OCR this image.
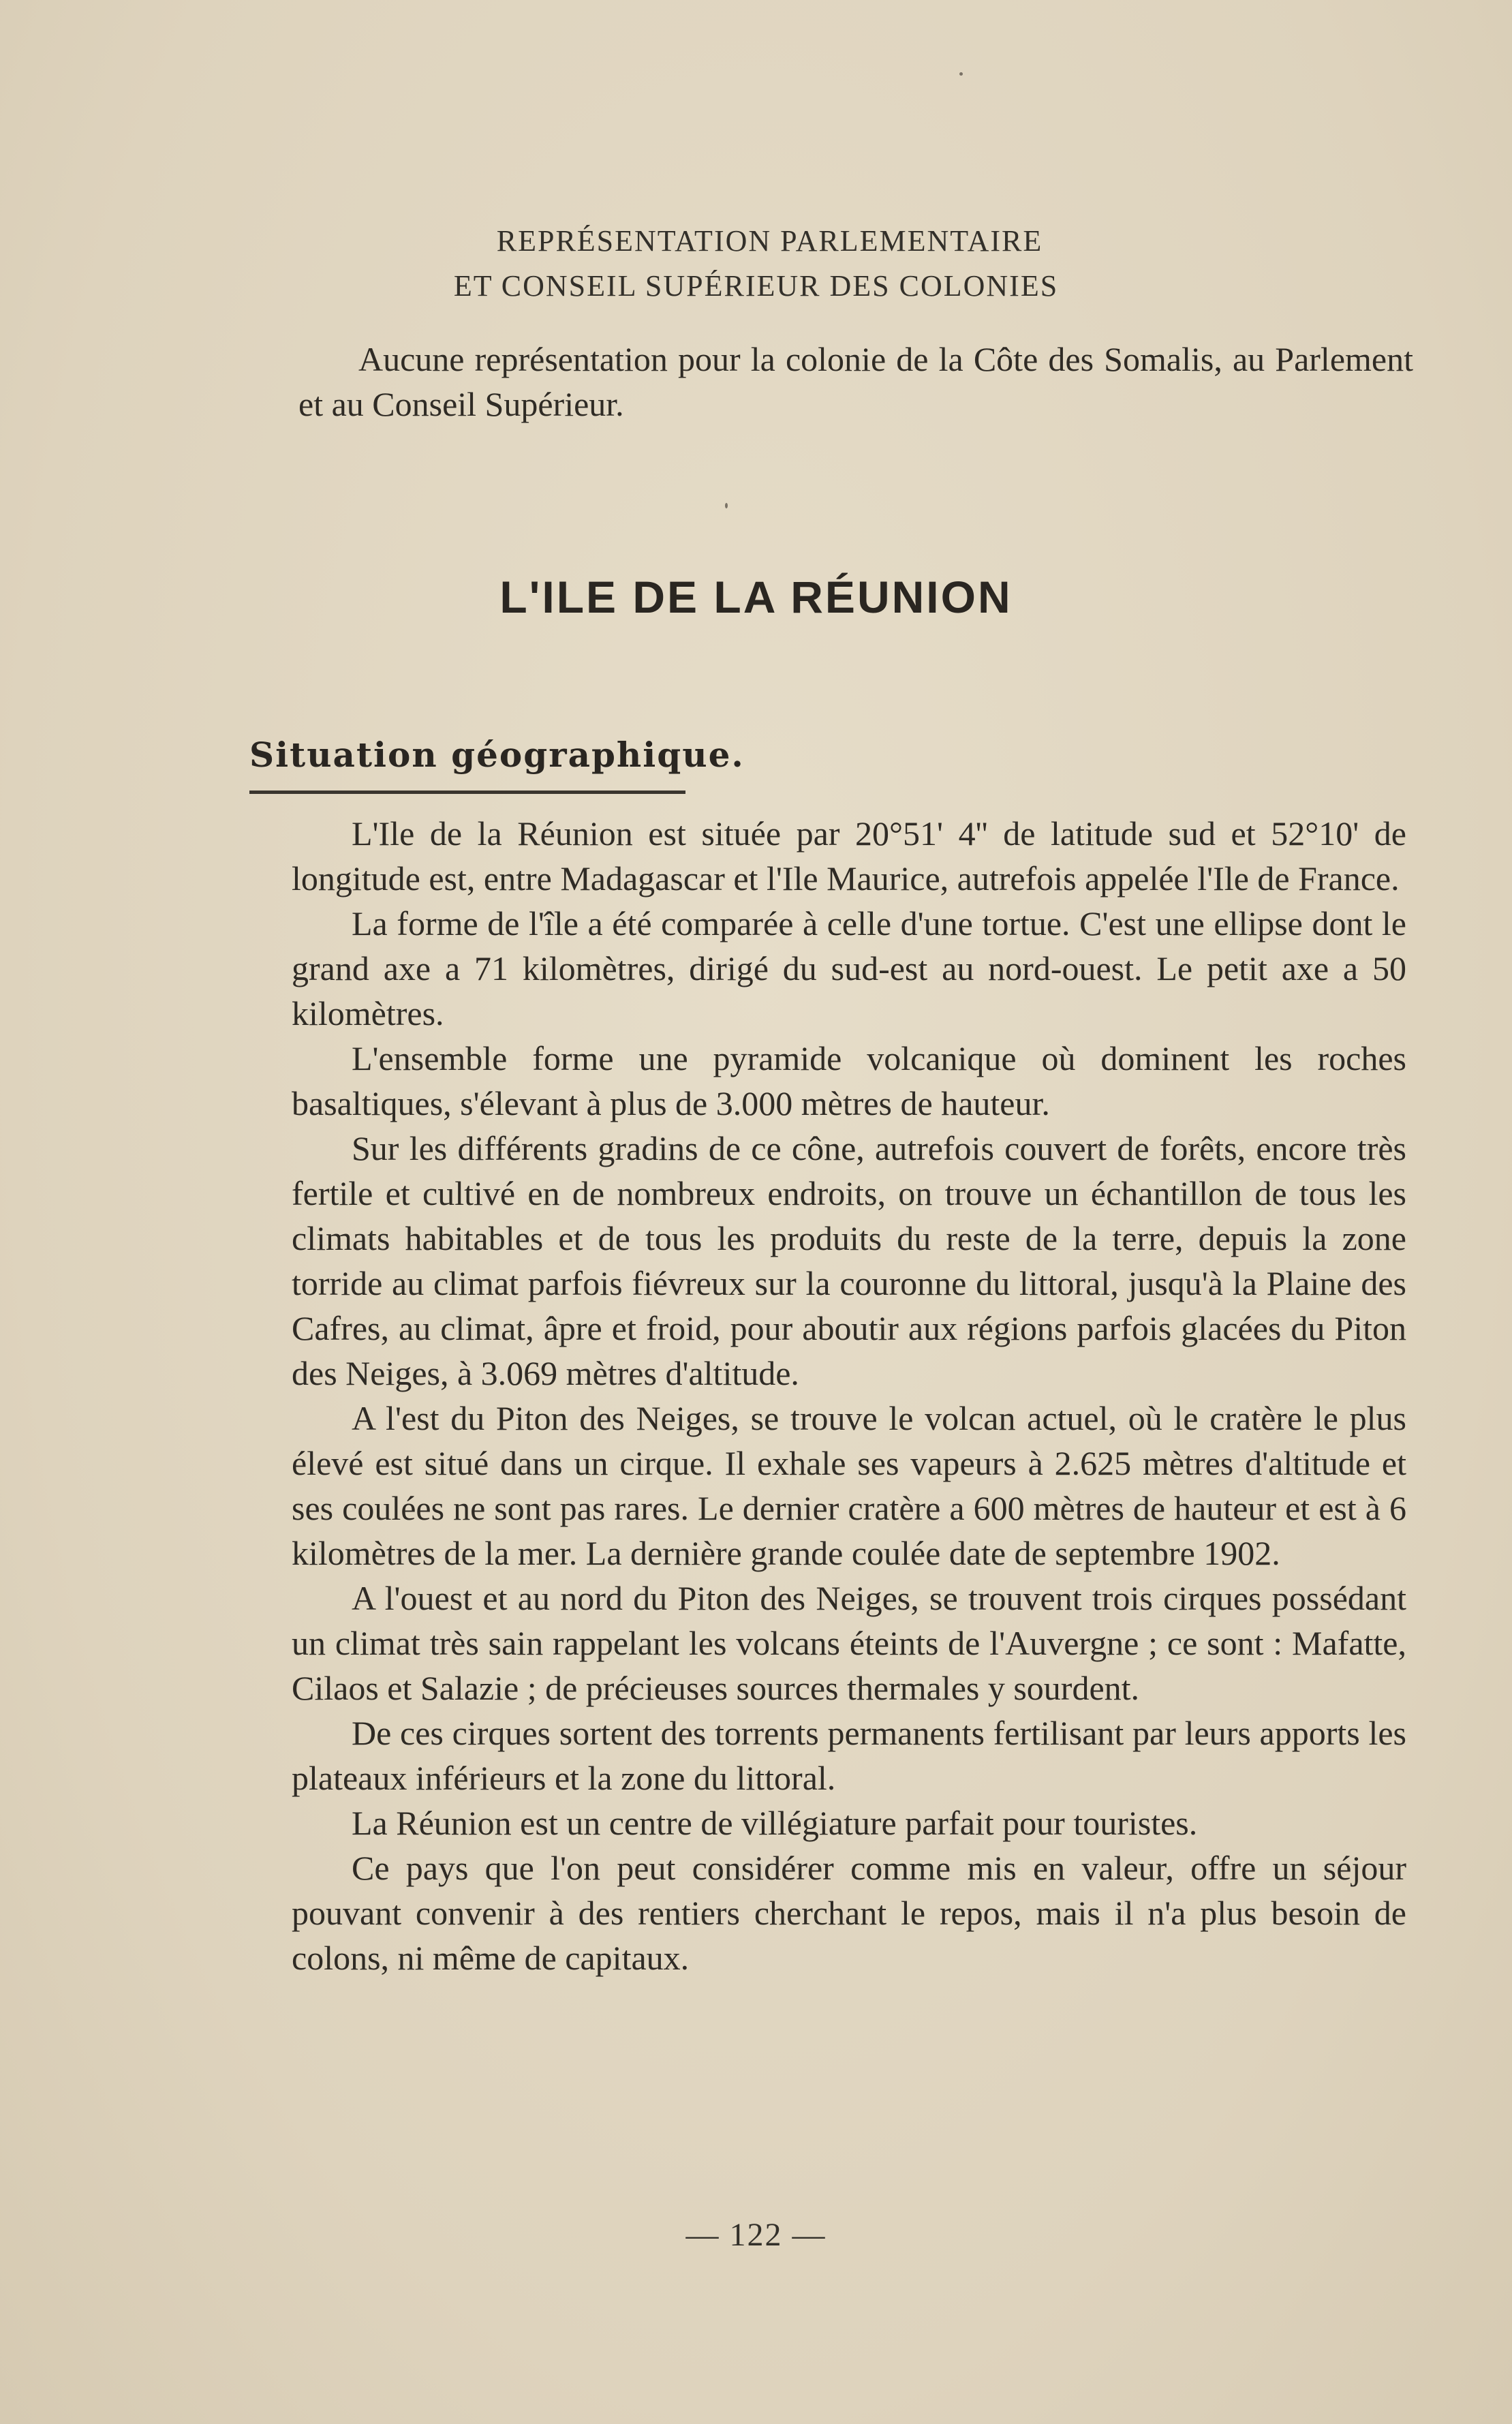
REPRÉSENTATION PARLEMENTAIRE
ET CONSEIL SUPÉRIEUR DES COLONIES
Aucune représentation pour la colonie de la Côte des Somalis, au Parlement et au Conseil Supérieur.
L'ILE DE LA RÉUNION
Situation géographique.

L'Ile de la Réunion est située par 20°51' 4'' de latitude sud et 52°10' de longitude est, entre Madagascar et l'Ile Maurice, autrefois appelée l'Ile de France.

La forme de l'île a été comparée à celle d'une tortue. C'est une ellipse dont le grand axe a 71 kilomètres, dirigé du sud-est au nord-ouest. Le petit axe a 50 kilomètres.

L'ensemble forme une pyramide volcanique où dominent les roches basaltiques, s'élevant à plus de 3.000 mètres de hauteur.

Sur les différents gradins de ce cône, autrefois couvert de forêts, encore très fertile et cultivé en de nombreux endroits, on trouve un échantillon de tous les climats habitables et de tous les produits du reste de la terre, depuis la zone torride au climat parfois fiévreux sur la couronne du littoral, jusqu'à la Plaine des Cafres, au climat, âpre et froid, pour aboutir aux régions parfois glacées du Piton des Neiges, à 3.069 mètres d'altitude.

A l'est du Piton des Neiges, se trouve le volcan actuel, où le cratère le plus élevé est situé dans un cirque. Il exhale ses vapeurs à 2.625 mètres d'altitude et ses coulées ne sont pas rares. Le dernier cratère a 600 mètres de hauteur et est à 6 kilomètres de la mer. La dernière grande coulée date de septembre 1902.

A l'ouest et au nord du Piton des Neiges, se trouvent trois cirques possédant un climat très sain rappelant les volcans éteints de l'Auvergne ; ce sont : Mafatte, Cilaos et Salazie ; de précieuses sources thermales y sourdent.

De ces cirques sortent des torrents permanents fertilisant par leurs apports les plateaux inférieurs et la zone du littoral.

La Réunion est un centre de villégiature parfait pour touristes.

Ce pays que l'on peut considérer comme mis en valeur, offre un séjour pouvant convenir à des rentiers cherchant le repos, mais il n'a plus besoin de colons, ni même de capitaux.

— 122 —
